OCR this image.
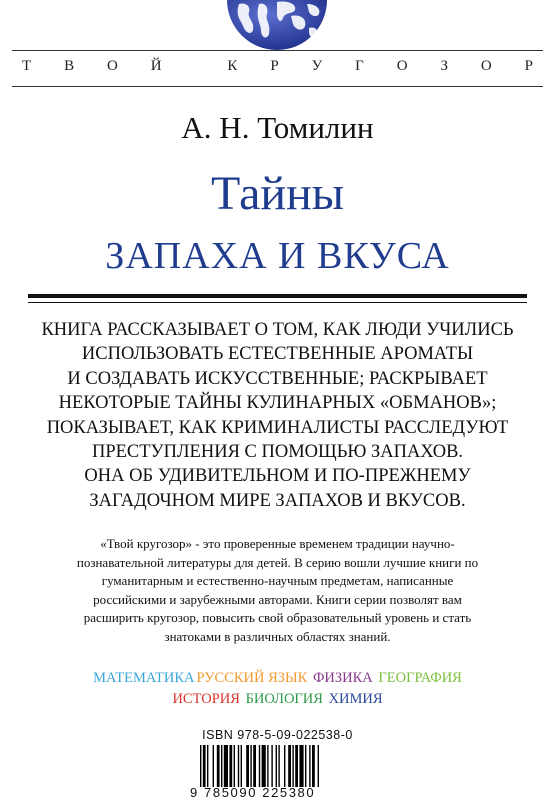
Т В О Й	К Р У Г О З О Р
А. Н. Томилин
Тайны
ЗАПАХА И ВКУСА
КНИГА РАССКАЗЫВАЕТ О ТОМ, КАК ЛЮДИ УЧИЛИСЬ
ИСПОЛЬЗОВАТЬ ЕСТЕСТВЕННЫЕ АРОМАТЫ
И СОЗДАВАТЬ ИСКУССТВЕННЫЕ; РАСКРЫВАЕТ
НЕКОТОРЫЕ ТАЙНЫ КУЛИНАРНЫХ «ОБМАНОВ»;
ПОКАЗЫВАЕТ, КАК КРИМИНАЛИСТЫ РАССЛЕДУЮТ
ПРЕСТУПЛЕНИЯ С ПОМОЩЬЮ ЗАПАХОВ.
ОНА ОБ УДИВИТЕЛЬНОМ И ПО-ПРЕЖНЕМУ
ЗАГАДОЧНОМ МИРЕ ЗАПАХОВ И ВКУСОВ.
«Твой кругозор» - это проверенные временем традиции научно-
познавательной литературы для детей. В серию вошли лучшие книги по
гуманитарным и естественно-научным предметам, написанные
российскими и зарубежными авторами. Книги серии позволят вам
расширить кругозор, повысить свой образовательный уровень и стать
знатоками в различных областях знаний.
МАТЕМАТИКА РУССКИЙ ЯЗЫК ФИЗИКА ГЕОГРАФИЯ
ИСТОРИЯ БИОЛОГИЯ ХИМИЯ
ISBN 978-5-09-022538-0
9 785090 225380
